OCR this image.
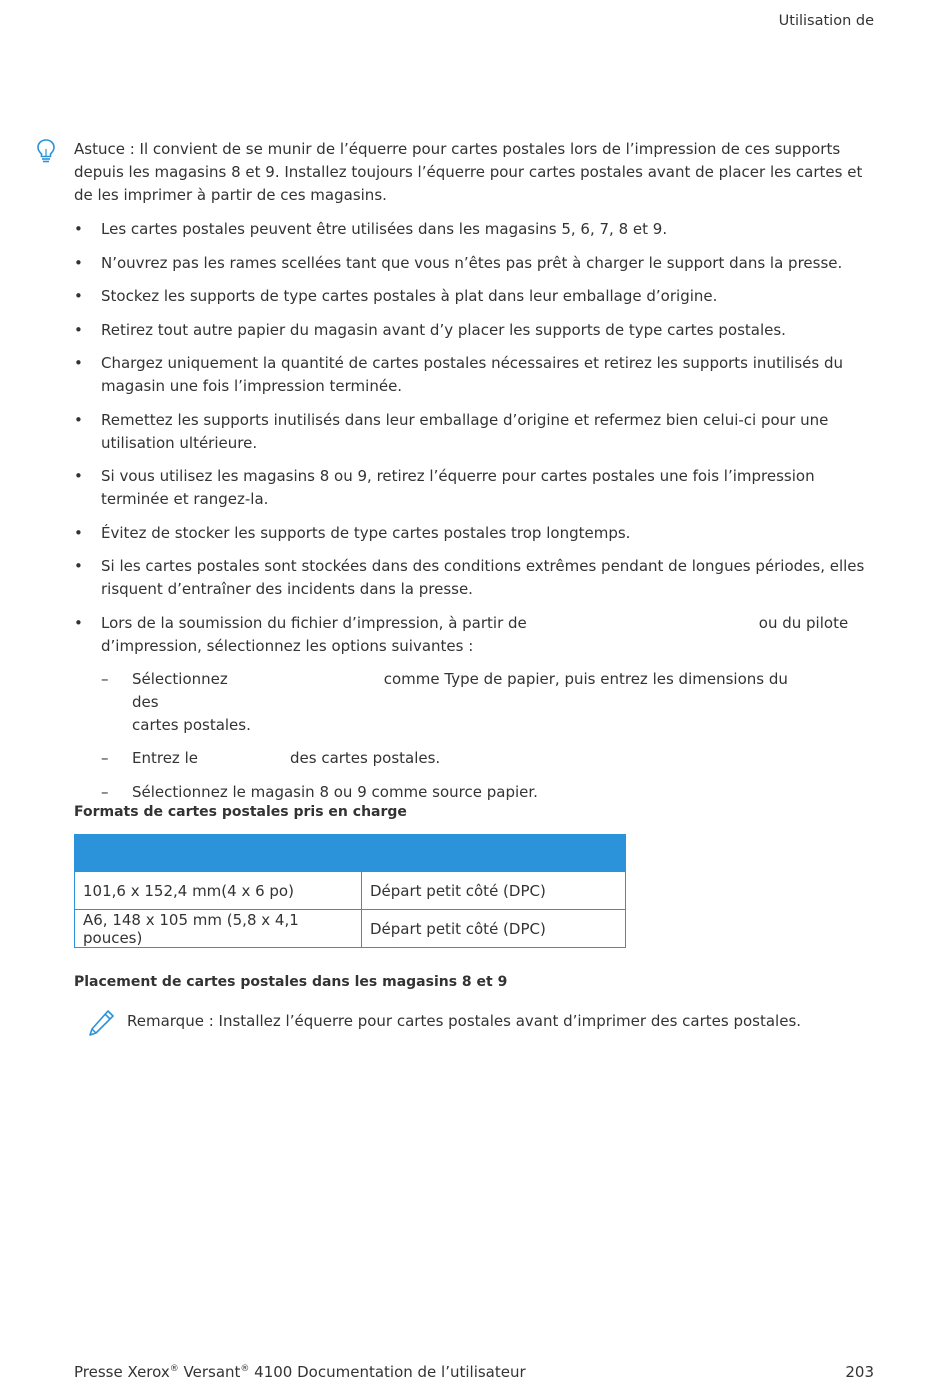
Utilisation de
Astuce : Il convient de se munir de l’équerre pour cartes postales lors de l’impression de ces supports depuis les magasins 8 et 9. Installez toujours l’équerre pour cartes postales avant de placer les cartes et de les imprimer à partir de ces magasins.
• Les cartes postales peuvent être utilisées dans les magasins 5, 6, 7, 8 et 9.
• N’ouvrez pas les rames scellées tant que vous n’êtes pas prêt à charger le support dans la presse.
• Stockez les supports de type cartes postales à plat dans leur emballage d’origine.
• Retirez tout autre papier du magasin avant d’y placer les supports de type cartes postales.
• Chargez uniquement la quantité de cartes postales nécessaires et retirez les supports inutilisés du magasin une fois l’impression terminée.
• Remettez les supports inutilisés dans leur emballage d’origine et refermez bien celui-ci pour une utilisation ultérieure.
• Si vous utilisez les magasins 8 ou 9, retirez l’équerre pour cartes postales une fois l’impression terminée et rangez-la.
• Évitez de stocker les supports de type cartes postales trop longtemps.
• Si les cartes postales sont stockées dans des conditions extrêmes pendant de longues périodes, elles risquent d’entraîner des incidents dans la presse.
• Lors de la soumission du fichier d’impression, à partir de	ou du pilote
d’impression, sélectionnez les options suivantes :
– Sélectionnez	comme Type de papier, puis entrez les dimensions dudes
cartes postales.
– Entrez le	des cartes postales.
– Sélectionnez le magasin 8 ou 9 comme source papier.
Formats de cartes postales pris en charge

101,6 x 152,4 mm(4 x 6 po)	Départ petit côté (DPC)
A6, 148 x 105 mm (5,8 x 4,1 pouces)	Départ petit côté (DPC)
Placement de cartes postales dans les magasins 8 et 9
Remarque : Installez l’équerre pour cartes postales avant d’imprimer des cartes postales.
Presse Xerox® Versant® 4100 Documentation de l’utilisateur	203
